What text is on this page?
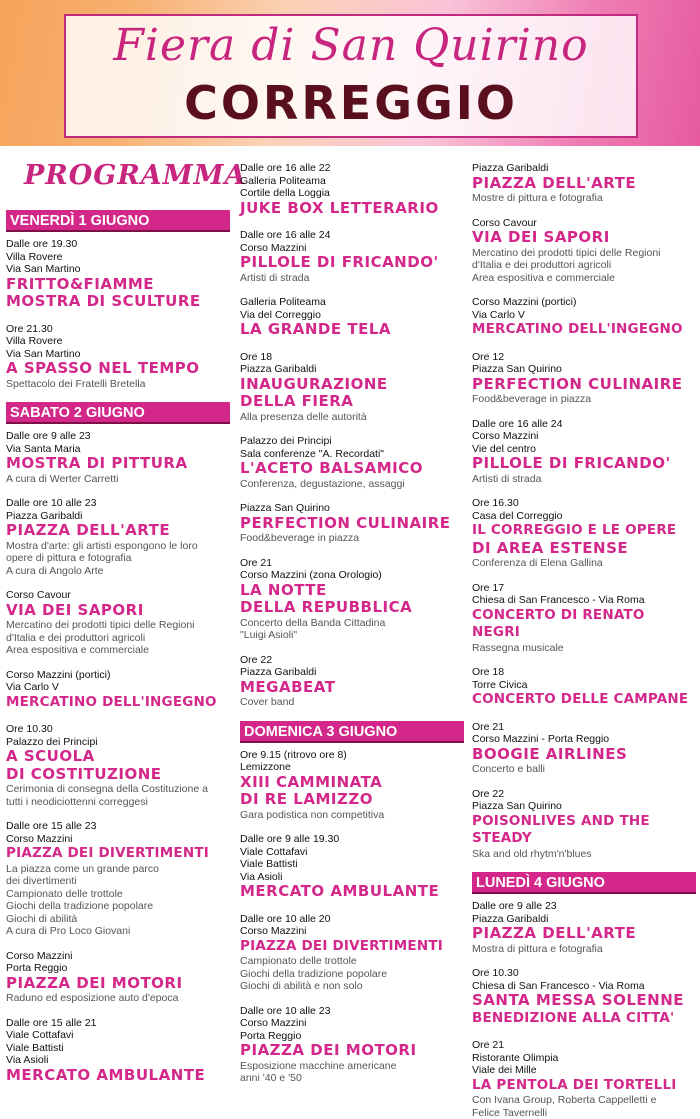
Fiera di San Quirino
CORREGGIO
PROGRAMMA
VENERDÌ 1 GIUGNO
Dalle ore 19.30
Villa Rovere
Via San Martino
FRITTO&FIAMME
MOSTRA DI SCULTURE
Ore 21.30
Villa Rovere
Via San Martino
A SPASSO NEL TEMPO
Spettacolo dei Fratelli Bretella
SABATO 2 GIUGNO
Dalle ore 9 alle 23
Via Santa Maria
MOSTRA DI PITTURA
A cura di Werter Carretti
Dalle ore 10 alle 23
Piazza Garibaldi
PIAZZA DELL'ARTE
Mostra d'arte: gli artisti espongono le loro
opere di pittura e fotografia
A cura di Angolo Arte
Corso Cavour
VIA DEI SAPORI
Mercatino dei prodotti tipici delle Regioni
d'Italia e dei produttori agricoli
Area espositiva e commerciale
Corso Mazzini (portici)
Via Carlo V
MERCATINO DELL'INGEGNO
Ore 10.30
Palazzo dei Principi
A SCUOLA
DI COSTITUZIONE
Cerimonia di consegna della Costituzione a
tutti i neodiciottenni correggesi
Dalle ore 15 alle 23
Corso Mazzini
PIAZZA DEI DIVERTIMENTI
La piazza come un grande parco
dei divertimenti
Campionato delle trottole
Giochi della tradizione popolare
Giochi di abilità
A cura di Pro Loco Giovani
Corso Mazzini
Porta Reggio
PIAZZA DEI MOTORI
Raduno ed esposizione auto d'epoca
Dalle ore 15 alle 21
Viale Cottafavi
Viale Battisti
Via Asioli
MERCATO AMBULANTE
Dalle ore 16 alle 22
Galleria Politeama
Cortile della Loggia
JUKE BOX LETTERARIO
Dalle ore 16 alle 24
Corso Mazzini
PILLOLE DI FRICANDO'
Artisti di strada
Galleria Politeama
Via del Correggio
LA GRANDE TELA
Ore 18
Piazza Garibaldi
INAUGURAZIONE
DELLA FIERA
Alla presenza delle autorità
Palazzo dei Principi
Sala conferenze "A. Recordati"
L'ACETO BALSAMICO
Conferenza, degustazione, assaggi
Piazza San Quirino
PERFECTION CULINAIRE
Food&beverage in piazza
Ore 21
Corso Mazzini (zona Orologio)
LA NOTTE
DELLA REPUBBLICA
Concerto della Banda Cittadina
"Luigi Asioli"
Ore 22
Piazza Garibaldi
MEGABEAT
Cover band
DOMENICA 3 GIUGNO
Ore 9.15 (ritrovo ore 8)
Lemizzone
XIII CAMMINATA
DI RE LAMIZZO
Gara podistica non competitiva
Dalle ore 9 alle 19.30
Viale Cottafavi
Viale Battisti
Via Asioli
MERCATO AMBULANTE
Dalle ore 10 alle 20
Corso Mazzini
PIAZZA DEI DIVERTIMENTI
Campionato delle trottole
Giochi della tradizione popolare
Giochi di abilità e non solo
Dalle ore 10 alle 23
Corso Mazzini
Porta Reggio
PIAZZA DEI MOTORI
Esposizione macchine americane
anni '40 e '50
Piazza Garibaldi
PIAZZA DELL'ARTE
Mostre di pittura e fotografia
Corso Cavour
VIA DEI SAPORI
Mercatino dei prodotti tipici delle Regioni
d'Italia e dei produttori agricoli
Area espositiva e commerciale
Corso Mazzini (portici)
Via Carlo V
MERCATINO DELL'INGEGNO
Ore 12
Piazza San Quirino
PERFECTION CULINAIRE
Food&beverage in piazza
Dalle ore 16 alle 24
Corso Mazzini
Vie del centro
PILLOLE DI FRICANDO'
Artisti di strada
Ore 16.30
Casa del Correggio
IL CORREGGIO E LE OPERE
DI AREA ESTENSE
Conferenza di Elena Gallina
Ore 17
Chiesa di San Francesco - Via Roma
CONCERTO DI RENATO NEGRI
Rassegna musicale
Ore 18
Torre Civica
CONCERTO DELLE CAMPANE
Ore 21
Corso Mazzini - Porta Reggio
BOOGIE AIRLINES
Concerto e balli
Ore 22
Piazza San Quirino
POISONLIVES AND THE STEADY
Ska and old rhytm'n'blues
LUNEDÌ 4 GIUGNO
Dalle ore 9 alle 23
Piazza Garibaldi
PIAZZA DELL'ARTE
Mostra di pittura e fotografia
Ore 10.30
Chiesa di San Francesco - Via Roma
SANTA MESSA SOLENNE
BENEDIZIONE ALLA CITTA'
Ore 21
Ristorante Olimpia
Viale dei Mille
LA PENTOLA DEI TORTELLI
Con Ivana Group, Roberta Cappelletti e
Felice Tavernelli
